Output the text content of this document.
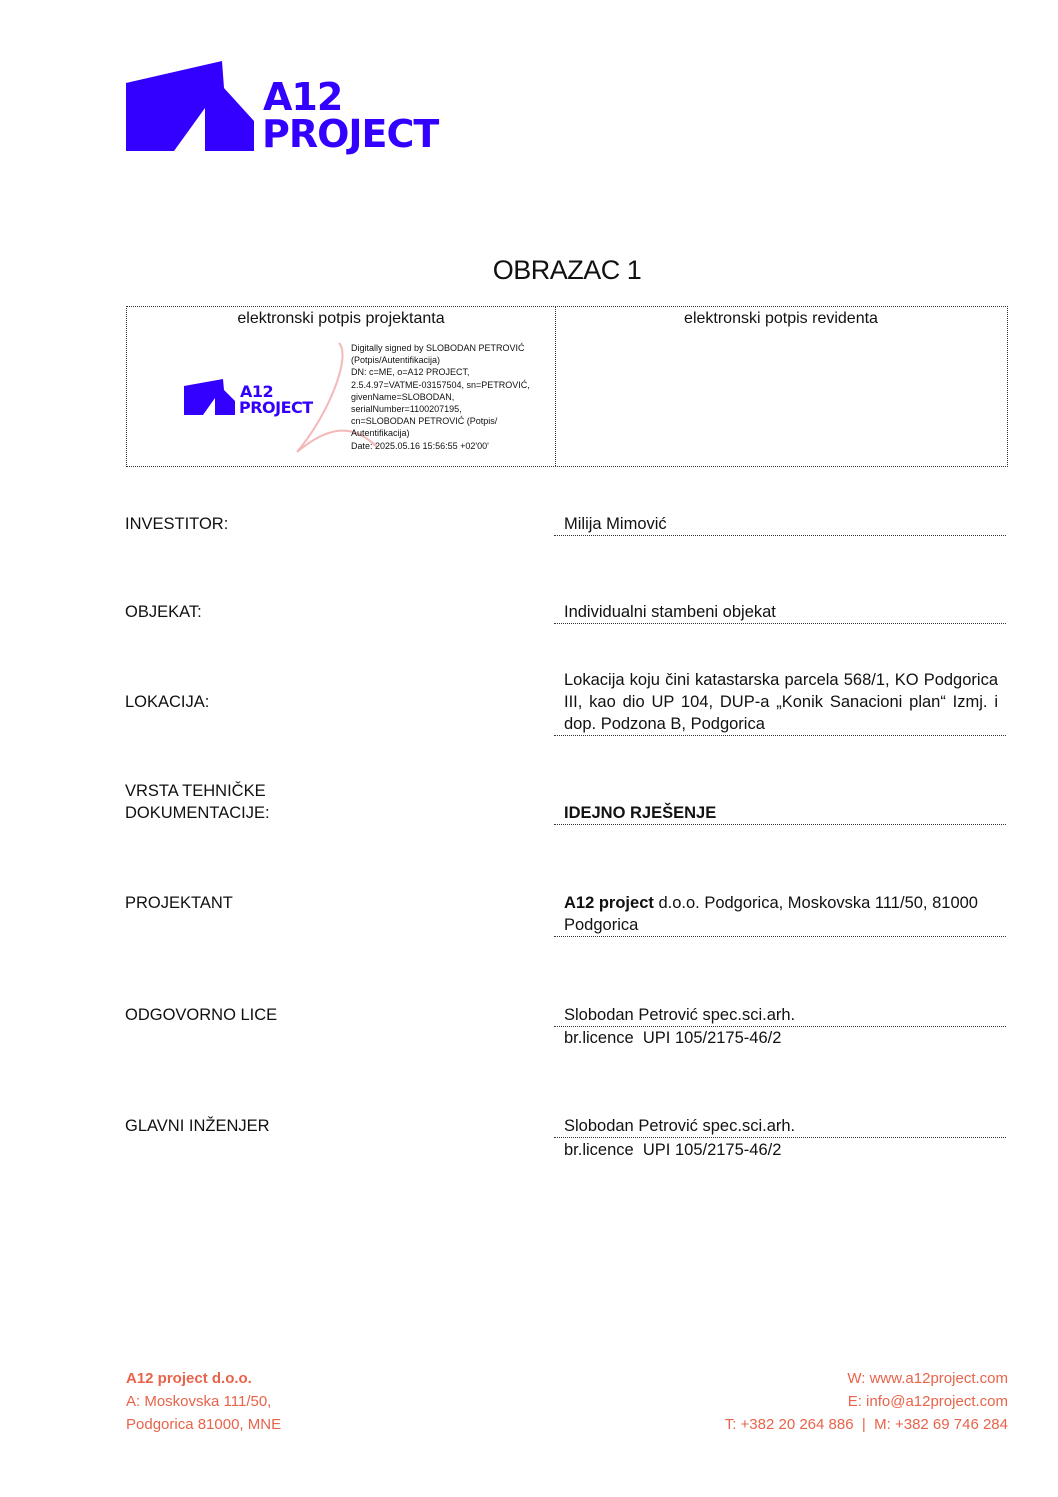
A12
PROJECT
OBRAZAC 1
elektronski potpis projektanta	elektronski potpis revidenta
A12
PROJECT
Digitally signed by SLOBODAN PETROVIĆ
(Potpis/Autentifikacija)
DN: c=ME, o=A12 PROJECT,
2.5.4.97=VATME-03157504, sn=PETROVIĆ,
givenName=SLOBODAN,
serialNumber=1100207195,
cn=SLOBODAN PETROVIĆ (Potpis/
Autentifikacija)
Date: 2025.05.16 15:56:55 +02'00'
INVESTITOR:	Milija Mimović
OBJEKAT:	Individualni stambeni objekat
LOKACIJA:
Lokacija koju čini katastarska parcela 568/1, KO Podgorica III, kao dio UP 104, DUP-a „Konik Sanacioni plan“ Izmj. i dop. Podzona B, Podgorica
VRSTA TEHNIČKE
DOKUMENTACIJE:	IDEJNO RJEŠENJE
PROJEKTANT	A12 project d.o.o. Podgorica, Moskovska 111/50, 81000 Podgorica
ODGOVORNO LICE	Slobodan Petrović spec.sci.arh.
br.licence  UPI 105/2175-46/2
GLAVNI INŽENJER	Slobodan Petrović spec.sci.arh.
br.licence  UPI 105/2175-46/2
A12 project d.o.o.
A: Moskovska 111/50,
Podgorica 81000, MNE
W: www.a12project.com
E: info@a12project.com
T: +382 20 264 886  |  M: +382 69 746 284
